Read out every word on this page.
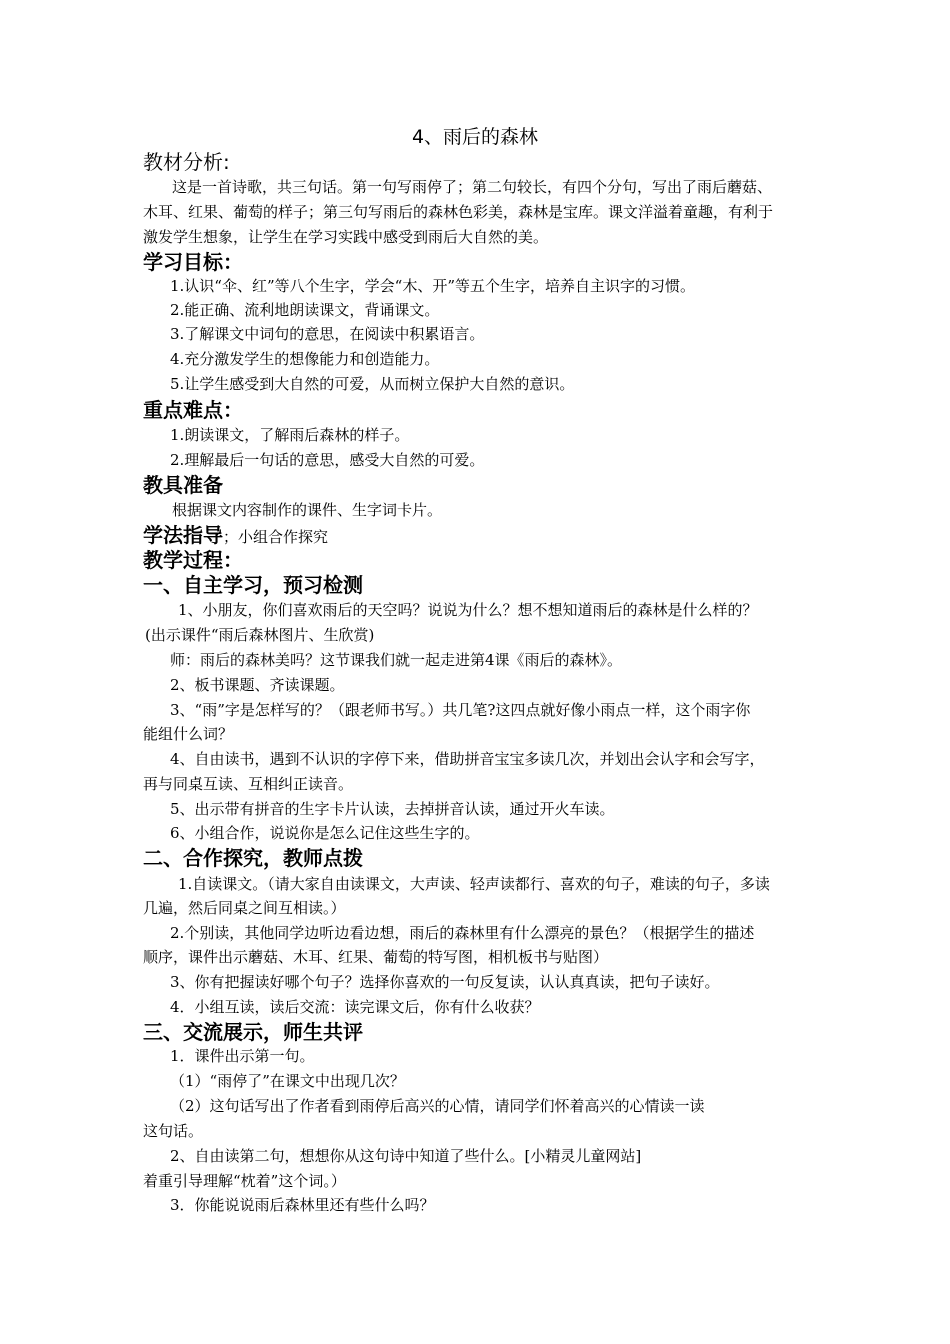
4、雨后的森林
教材分析:
这是一首诗歌，共三句话。第一句写雨停了；第二句较长，有四个分句，写出了雨后蘑菇、
木耳、红果、葡萄的样子；第三句写雨后的森林色彩美，森林是宝库。课文洋溢着童趣，有利于
激发学生想象，让学生在学习实践中感受到雨后大自然的美。
学习目标：
1.认识“伞、红”等八个生字，学会“木、开”等五个生字，培养自主识字的习惯。
2.能正确、流利地朗读课文，背诵课文。
3.了解课文中词句的意思，在阅读中积累语言。
4.充分激发学生的想像能力和创造能力。
5.让学生感受到大自然的可爱，从而树立保护大自然的意识。
重点难点：
1.朗读课文，了解雨后森林的样子。
2.理解最后一句话的意思，感受大自然的可爱。
教具准备
根据课文内容制作的课件、生字词卡片。
学法指导；小组合作探究
教学过程：
一、自主学习，预习检测
1、小朋友，你们喜欢雨后的天空吗？说说为什么？想不想知道雨后的森林是什么样的？
(出示课件“雨后森林图片、生欣赏)
师：雨后的森林美吗？这节课我们就一起走进第4课《雨后的森林》。
2、板书课题、齐读课题。
3、“雨”字是怎样写的？（跟老师书写。）共几笔?这四点就好像小雨点一样，这个雨字你
能组什么词？
4、自由读书，遇到不认识的字停下来，借助拼音宝宝多读几次，并划出会认字和会写字，
再与同桌互读、互相纠正读音。
5、出示带有拼音的生字卡片认读，去掉拼音认读，通过开火车读。
6、小组合作，说说你是怎么记住这些生字的。
二、合作探究，教师点拨
1.自读课文。（请大家自由读课文，大声读、轻声读都行、喜欢的句子，难读的句子，多读
几遍，然后同桌之间互相读。）
2.个别读，其他同学边听边看边想，雨后的森林里有什么漂亮的景色？（根据学生的描述
顺序，课件出示蘑菇、木耳、红果、葡萄的特写图，相机板书与贴图）
3、你有把握读好哪个句子？选择你喜欢的一句反复读，认认真真读，把句子读好。
4．小组互读，读后交流：读完课文后，你有什么收获？
三、交流展示，师生共评
1．课件出示第一句。
（1）“雨停了”在课文中出现几次？
（2）这句话写出了作者看到雨停后高兴的心情，请同学们怀着高兴的心情读一读
这句话。
2、自由读第二句，想想你从这句诗中知道了些什么。[小精灵儿童网站]
着重引导理解“枕着”这个词。）
3．你能说说雨后森林里还有些什么吗？
